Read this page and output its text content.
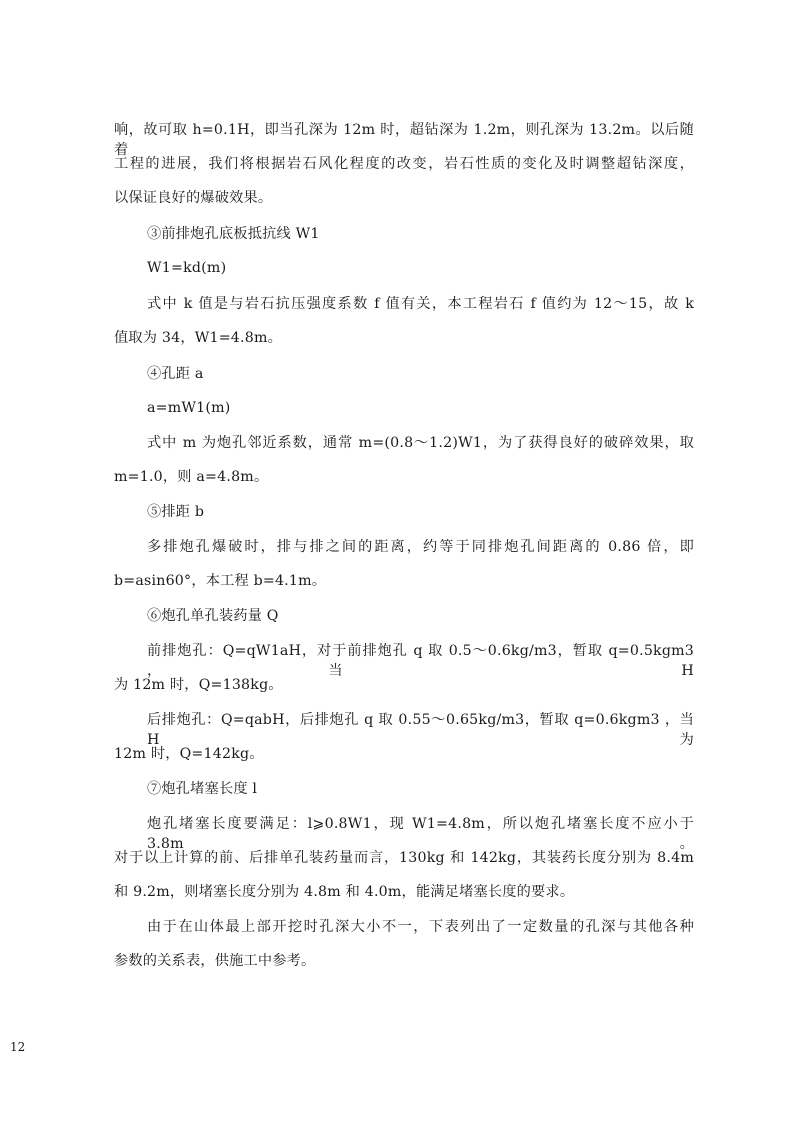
响，故可取 h=0.1H，即当孔深为 12m 时，超钻深为 1.2m，则孔深为 13.2m。以后随着
工程的进展，我们将根据岩石风化程度的改变，岩石性质的变化及时调整超钻深度，
以保证良好的爆破效果。
③前排炮孔底板抵抗线 W1
W1=kd(m)
式中 k 值是与岩石抗压强度系数 f 值有关，本工程岩石 f 值约为 12～15，故 k
值取为 34，W1=4.8m。
④孔距 a
a=mW1(m)
式中 m 为炮孔邻近系数，通常 m=(0.8～1.2)W1，为了获得良好的破碎效果，取
m=1.0，则 a=4.8m。
⑤排距 b
多排炮孔爆破时，排与排之间的距离，约等于同排炮孔间距离的 0.86 倍，即
b=asin60°，本工程 b=4.1m。
⑥炮孔单孔装药量 Q
前排炮孔：Q=qW1aH，对于前排炮孔 q 取 0.5～0.6kg/m3，暂取 q=0.5kgm3 ，当 H
为 12m 时，Q=138kg。
后排炮孔：Q=qabH，后排炮孔 q 取 0.55～0.65kg/m3，暂取 q=0.6kgm3 ，当 H 为
12m 时，Q=142kg。
⑦炮孔堵塞长度 l
炮孔堵塞长度要满足：l⩾0.8W1，现 W1=4.8m，所以炮孔堵塞长度不应小于 3.8m。
对于以上计算的前、后排单孔装药量而言，130kg 和 142kg，其装药长度分别为 8.4m
和 9.2m，则堵塞长度分别为 4.8m 和 4.0m，能满足堵塞长度的要求。
由于在山体最上部开挖时孔深大小不一，下表列出了一定数量的孔深与其他各种
参数的关系表，供施工中参考。
12
